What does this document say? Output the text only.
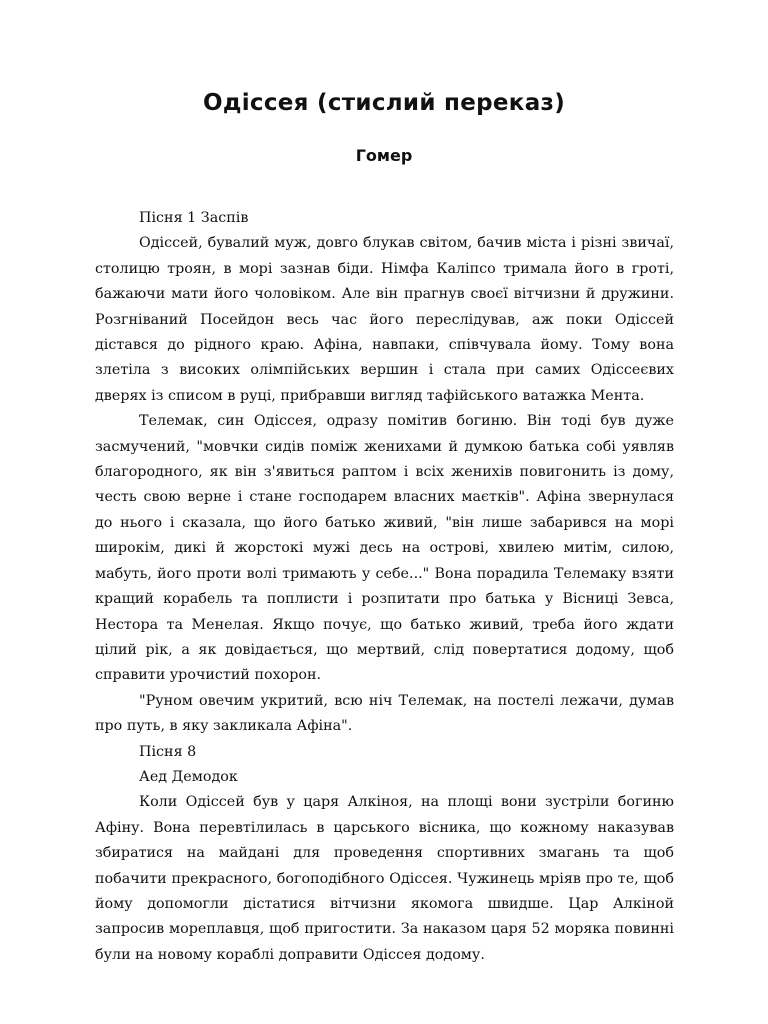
Одіссея (стислий переказ)
Гомер

Пісня 1 Заспів

Одіссей, бувалий муж, довго блукав світом, бачив міста і різні звичаї, столицю троян, в морі зазнав біди. Німфа Каліпсо тримала його в гроті, бажаючи мати його чоловіком. Але він прагнув своєї вітчизни й дружини. Розгніваний Посейдон весь час його переслідував, аж поки Одіссей дістався до рідного краю. Афіна, навпаки, співчувала йому. Тому вона злетіла з високих олімпійських вершин і стала при самих Одіссеєвих дверях із списом в руці, прибравши вигляд тафійського ватажка Мента.

Телемак, син Одіссея, одразу помітив богиню. Він тоді був дуже засмучений, "мовчки сидів поміж женихами й думкою батька собі уявляв благородного, як він з'явиться раптом і всіх женихів повигонить із дому, честь свою верне і стане господарем власних маєтків". Афіна звернулася до нього і сказала, що його батько живий, "він лише забарився на морі широкім, дикі й жорстокі мужі десь на острові, хвилею митім, силою, мабуть, його проти волі тримають у себе..." Вона порадила Телемаку взяти кращий корабель та поплисти і розпитати про батька у Вісниці Зевса, Нестора та Менелая. Якщо почує, що батько живий, треба його ждати цілий рік, а як довідається, що мертвий, слід повертатися додому, щоб справити урочистий похорон.

"Руном овечим укритий, всю ніч Телемак, на постелі лежачи, думав про путь, в яку закликала Афіна".

Пісня 8

Аед Демодок

Коли Одіссей був у царя Алкіноя, на площі вони зустріли богиню Афіну. Вона перевтілилась в царського вісника, що кожному наказував збиратися на майдані для проведення спортивних змагань та щоб побачити прекрасного, богоподібного Одіссея. Чужинець мріяв про те, щоб йому допомогли дістатися вітчизни якомога швидше. Цар Алкіной запросив мореплавця, щоб пригостити. За наказом царя 52 моряка повинні були на новому кораблі доправити Одіссея додому.
